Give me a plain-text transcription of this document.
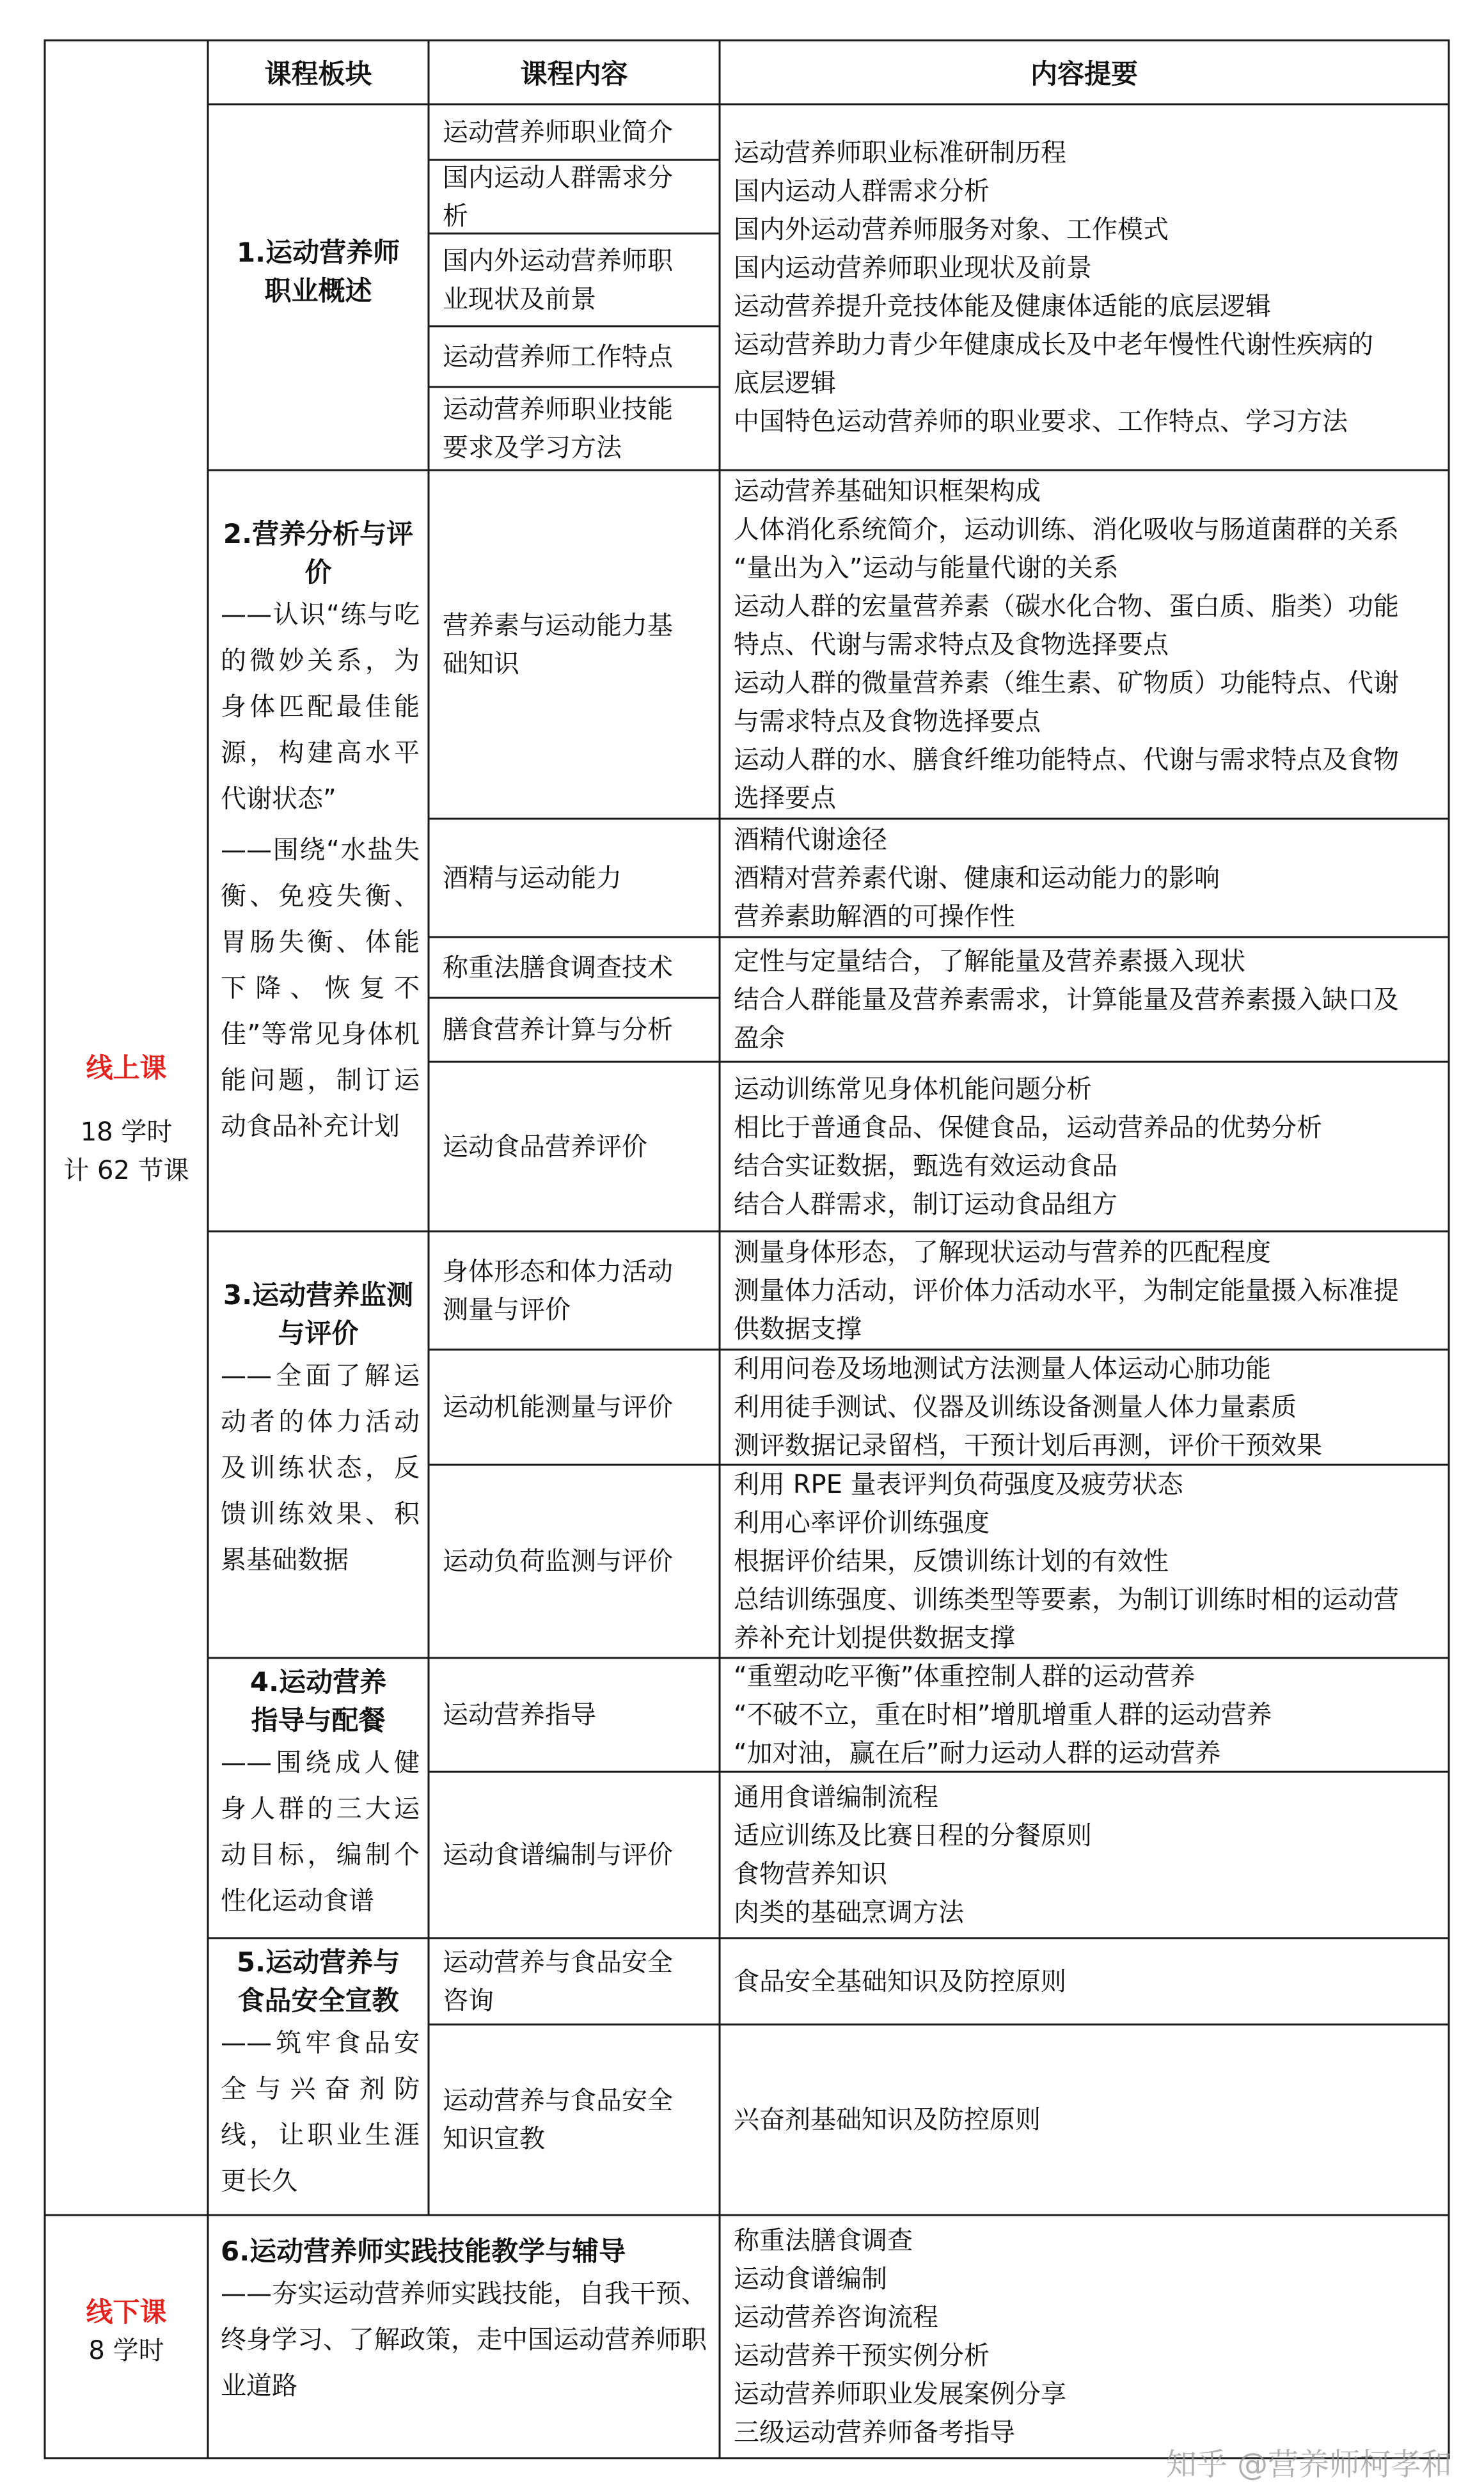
课程板块	课程内容	内容提要
线上课
18 学时
计 62 节课
线下课
8 学时
1.运动营养师
职业概述
2.营养分析与评
价
——认识“练与吃的微妙关系，为身体匹配最佳能源，构建高水平代谢状态”
——围绕“水盐失衡、免疫失衡、胃肠失衡、体能下降、恢复不佳”等常见身体机能问题，制订运动食品补充计划
3.运动营养监测
与评价
——全面了解运动者的体力活动及训练状态，反馈训练效果、积累基础数据
4.运动营养
指导与配餐
——围绕成人健身人群的三大运动目标，编制个性化运动食谱
5.运动营养与
食品安全宣教
——筑牢食品安全与兴奋剂防线，让职业生涯更长久
6.运动营养师实践技能教学与辅导
——夯实运动营养师实践技能，自我干预、终身学习、了解政策，走中国运动营养师职业道路
运动营养师职业简介
国内运动人群需求分
析
国内外运动营养师职
业现状及前景
运动营养师工作特点
运动营养师职业技能
要求及学习方法
营养素与运动能力基
础知识
酒精与运动能力
称重法膳食调查技术
膳食营养计算与分析
运动食品营养评价
身体形态和体力活动
测量与评价
运动机能测量与评价
运动负荷监测与评价
运动营养指导
运动食谱编制与评价
运动营养与食品安全
咨询
运动营养与食品安全
知识宣教
运动营养师职业标准研制历程
国内运动人群需求分析
国内外运动营养师服务对象、工作模式
国内运动营养师职业现状及前景
运动营养提升竞技体能及健康体适能的底层逻辑
运动营养助力青少年健康成长及中老年慢性代谢性疾病的
底层逻辑
中国特色运动营养师的职业要求、工作特点、学习方法
运动营养基础知识框架构成
人体消化系统简介，运动训练、消化吸收与肠道菌群的关系
“量出为入”运动与能量代谢的关系
运动人群的宏量营养素（碳水化合物、蛋白质、脂类）功能
特点、代谢与需求特点及食物选择要点
运动人群的微量营养素（维生素、矿物质）功能特点、代谢
与需求特点及食物选择要点
运动人群的水、膳食纤维功能特点、代谢与需求特点及食物
选择要点
酒精代谢途径
酒精对营养素代谢、健康和运动能力的影响
营养素助解酒的可操作性
定性与定量结合，了解能量及营养素摄入现状
结合人群能量及营养素需求，计算能量及营养素摄入缺口及
盈余
运动训练常见身体机能问题分析
相比于普通食品、保健食品，运动营养品的优势分析
结合实证数据，甄选有效运动食品
结合人群需求，制订运动食品组方
测量身体形态，了解现状运动与营养的匹配程度
测量体力活动，评价体力活动水平，为制定能量摄入标准提
供数据支撑
利用问卷及场地测试方法测量人体运动心肺功能
利用徒手测试、仪器及训练设备测量人体力量素质
测评数据记录留档，干预计划后再测，评价干预效果
利用 RPE 量表评判负荷强度及疲劳状态
利用心率评价训练强度
根据评价结果，反馈训练计划的有效性
总结训练强度、训练类型等要素，为制订训练时相的运动营
养补充计划提供数据支撑
“重塑动吃平衡”体重控制人群的运动营养
“不破不立，重在时相”增肌增重人群的运动营养
“加对油，赢在后”耐力运动人群的运动营养
通用食谱编制流程
适应训练及比赛日程的分餐原则
食物营养知识
肉类的基础烹调方法
食品安全基础知识及防控原则
兴奋剂基础知识及防控原则
称重法膳食调查
运动食谱编制
运动营养咨询流程
运动营养干预实例分析
运动营养师职业发展案例分享
三级运动营养师备考指导
知乎 @营养师柯孝和
